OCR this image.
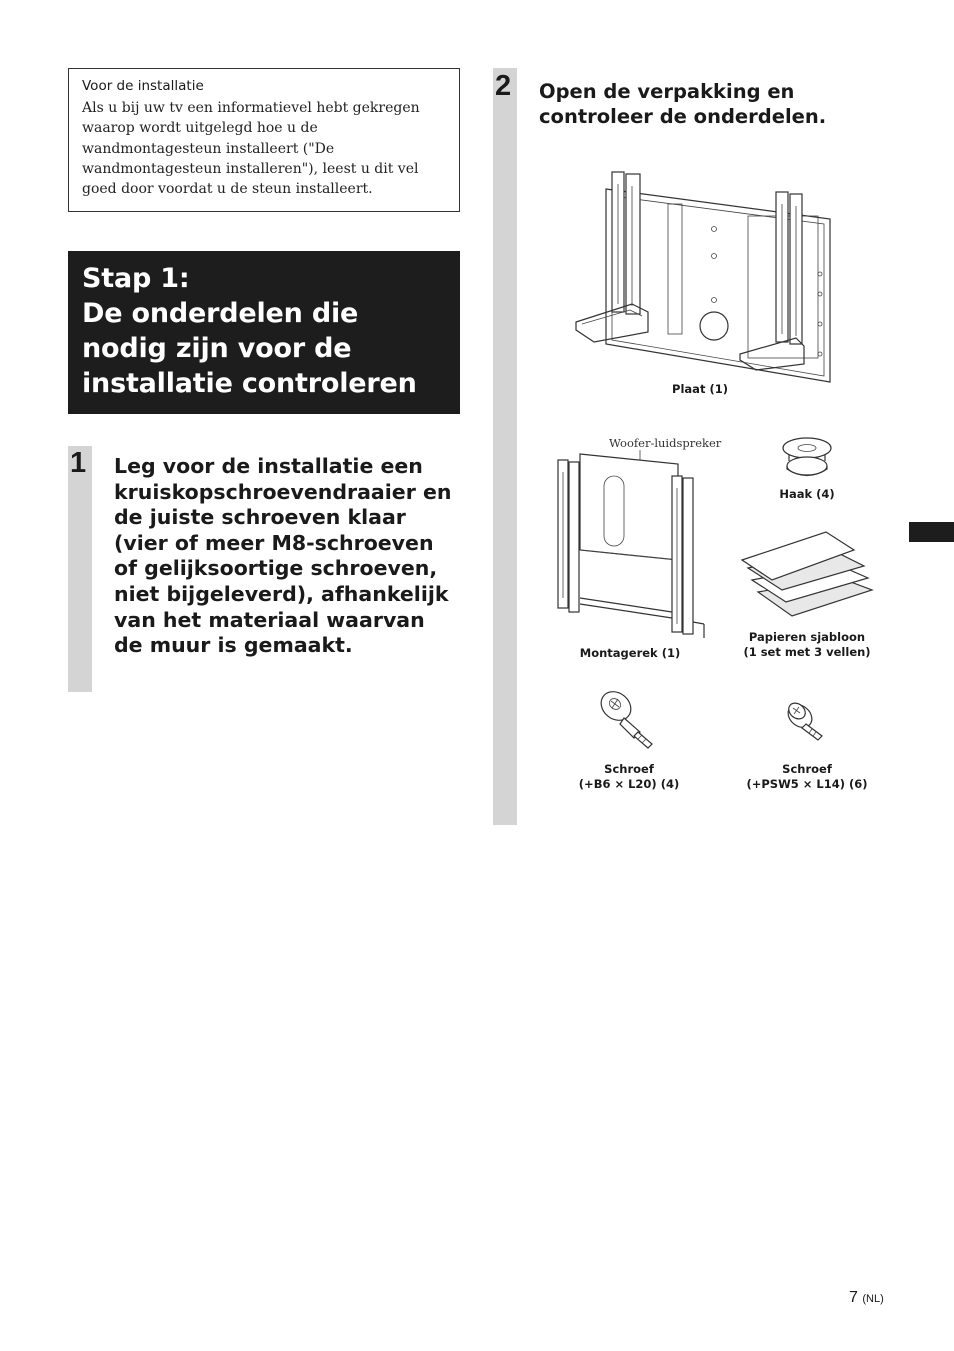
Voor de installatie
Als u bij uw tv een informatievel hebt gekregen
waarop wordt uitgelegd hoe u de
wandmontagesteun installeert ("De
wandmontagesteun installeren"), leest u dit vel
goed door voordat u de steun installeert.
Stap 1:
De onderdelen die
nodig zijn voor de
installatie controleren
1 Leg voor de installatie een kruiskopschroevendraaier en de juiste schroeven klaar (vier of meer M8-schroeven of gelijksoortige schroeven, niet bijgeleverd), afhankelijk van het materiaal waarvan de muur is gemaakt.
2 Open de verpakking en controleer de onderdelen.
Plaat (1)
Haak (4)
Woofer-luidspreker
Montagerek (1)
Papieren sjabloon
(1 set met 3 vellen)
Schroef
(+B6 × L20) (4)
Schroef
(+PSW5 × L14) (6)
7 (NL)
